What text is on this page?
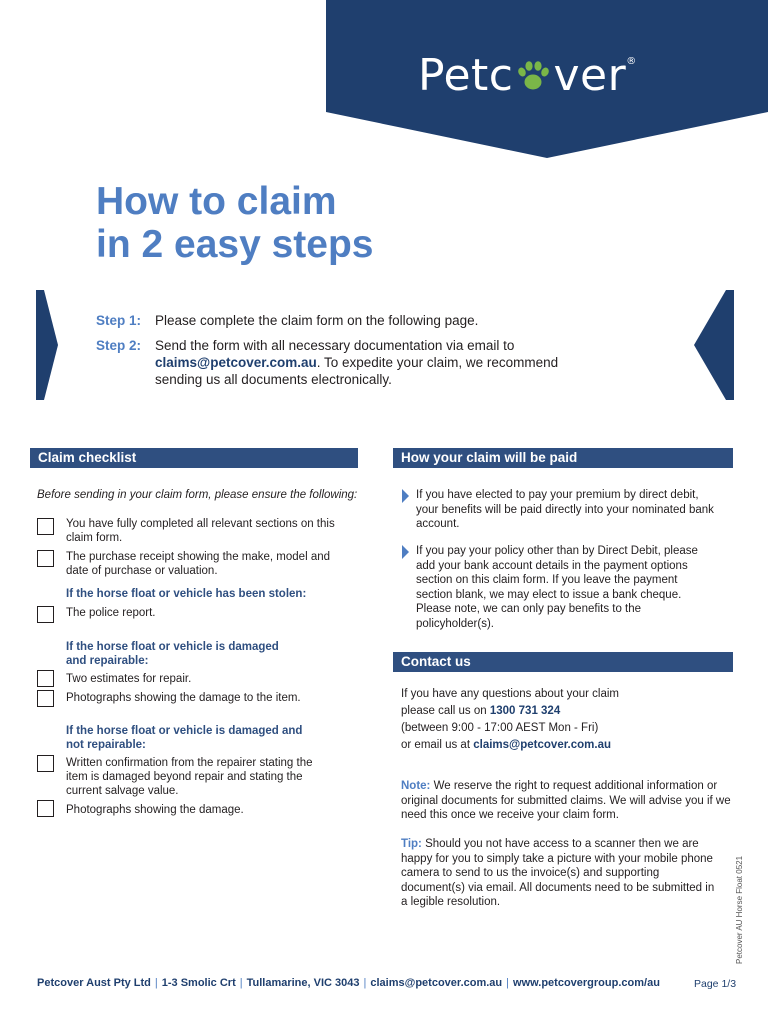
Petc ver®
How to claim
in 2 easy steps
Step 1: Please complete the claim form on the following page.
Step 2: Send the form with all necessary documentation via email to claims@petcover.com.au. To expedite your claim, we recommend sending us all documents electronically.
Claim checklist
Before sending in your claim form, please ensure the following:
You have fully completed all relevant sections on this claim form.
The purchase receipt showing the make, model and date of purchase or valuation.
If the horse float or vehicle has been stolen:
The police report.
If the horse float or vehicle is damaged and repairable:
Two estimates for repair.
Photographs showing the damage to the item.
If the horse float or vehicle is damaged and not repairable:
Written confirmation from the repairer stating the item is damaged beyond repair and stating the current salvage value.
Photographs showing the damage.
How your claim will be paid
If you have elected to pay your premium by direct debit, your benefits will be paid directly into your nominated bank account.
If you pay your policy other than by Direct Debit, please add your bank account details in the payment options section on this claim form. If you leave the payment section blank, we may elect to issue a bank cheque. Please note, we can only pay benefits to the policyholder(s).
Contact us
If you have any questions about your claim
please call us on 1300 731 324
(between 9:00 - 17:00 AEST Mon - Fri)
or email us at claims@petcover.com.au
Note: We reserve the right to request additional information or original documents for submitted claims. We will advise you if we need this once we receive your claim form.
Tip: Should you not have access to a scanner then we are happy for you to simply take a picture with your mobile phone camera to send to us the invoice(s) and supporting document(s) via email. All documents need to be submitted in a legible resolution.	Petcover AU Horse Float 0521
Petcover Aust Pty Ltd | 1-3 Smolic Crt | Tullamarine, VIC 3043 | claims@petcover.com.au | www.petcovergroup.com/au	Page 1/3
